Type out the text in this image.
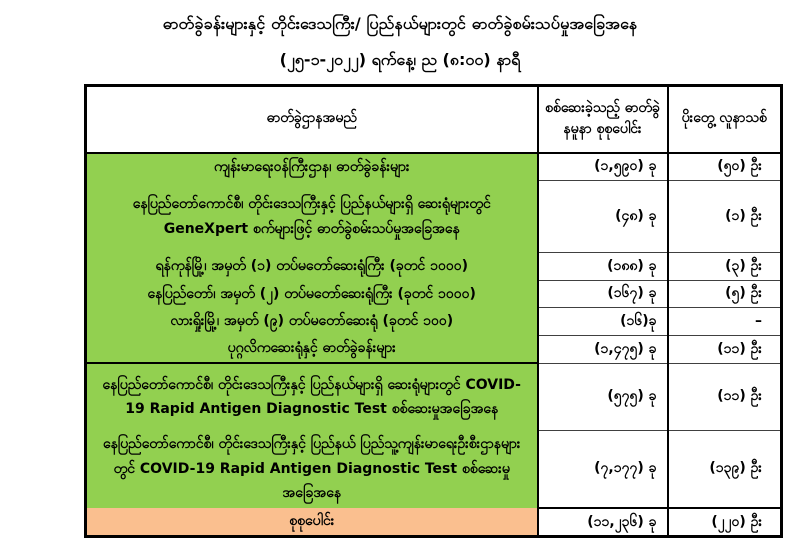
ဓာတ်ခွဲခန်းများနှင့် တိုင်းဒေသကြီး/ ပြည်နယ်များတွင် ဓာတ်ခွဲစမ်းသပ်မှုအခြေအနေ
(၂၅-၁-၂၀၂၂) ရက်နေ့၊ ည (၈:၀၀) နာရီ
ဓာတ်ခွဲဌာနအမည်	စစ်ဆေးခဲ့သည့် ဓာတ်ခွဲနမူနာ စုစုပေါင်း	ပိုးတွေ့ လူနာသစ်
ကျန်းမာရေးဝန်ကြီးဌာန၊ ဓာတ်ခွဲခန်းများ	(၁,၅၉၀) ခု	(၅၀) ဦး
နေပြည်တော်ကောင်စီ၊ တိုင်းဒေသကြီးနှင့် ပြည်နယ်များရှိ ဆေးရုံများတွင် GeneXpert စက်များဖြင့် ဓာတ်ခွဲစမ်းသပ်မှုအခြေအနေ	(၄၈) ခု	(၁) ဦး
ရန်ကုန်မြို့၊ အမှတ် (၁) တပ်မတော်ဆေးရုံကြီး (ခုတင် ၁၀၀၀)	(၁၈၈) ခု	(၃) ဦး
နေပြည်တော်၊ အမှတ် (၂) တပ်မတော်ဆေးရုံကြီး (ခုတင် ၁၀၀၀)	(၁၆၇) ခု	(၅) ဦး
လားရှိုးမြို့၊ အမှတ် (၉) တပ်မတော်ဆေးရုံ (ခုတင် ၁၀၀)	(၁၆)ခု	–
ပုဂ္ဂလိကဆေးရုံနှင့် ဓာတ်ခွဲခန်းများ	(၁,၄၇၅) ခု	(၁၁) ဦး
နေပြည်တော်ကောင်စီ၊ တိုင်းဒေသကြီးနှင့် ပြည်နယ်များရှိ ဆေးရုံများတွင် COVID-19 Rapid Antigen Diagnostic Test စစ်ဆေးမှုအခြေအနေ	(၅၇၅) ခု	(၁၁) ဦး
နေပြည်တော်ကောင်စီ၊ တိုင်းဒေသကြီးနှင့် ပြည်နယ် ပြည်သူ့ကျန်းမာရေးဦးစီးဌာနများတွင် COVID-19 Rapid Antigen Diagnostic Test စစ်ဆေးမှုအခြေအနေ	(၇,၁၇၇) ခု	(၁၃၉) ဦး
စုစုပေါင်း	(၁၁,၂၃၆) ခု	(၂၂၀) ဦး
